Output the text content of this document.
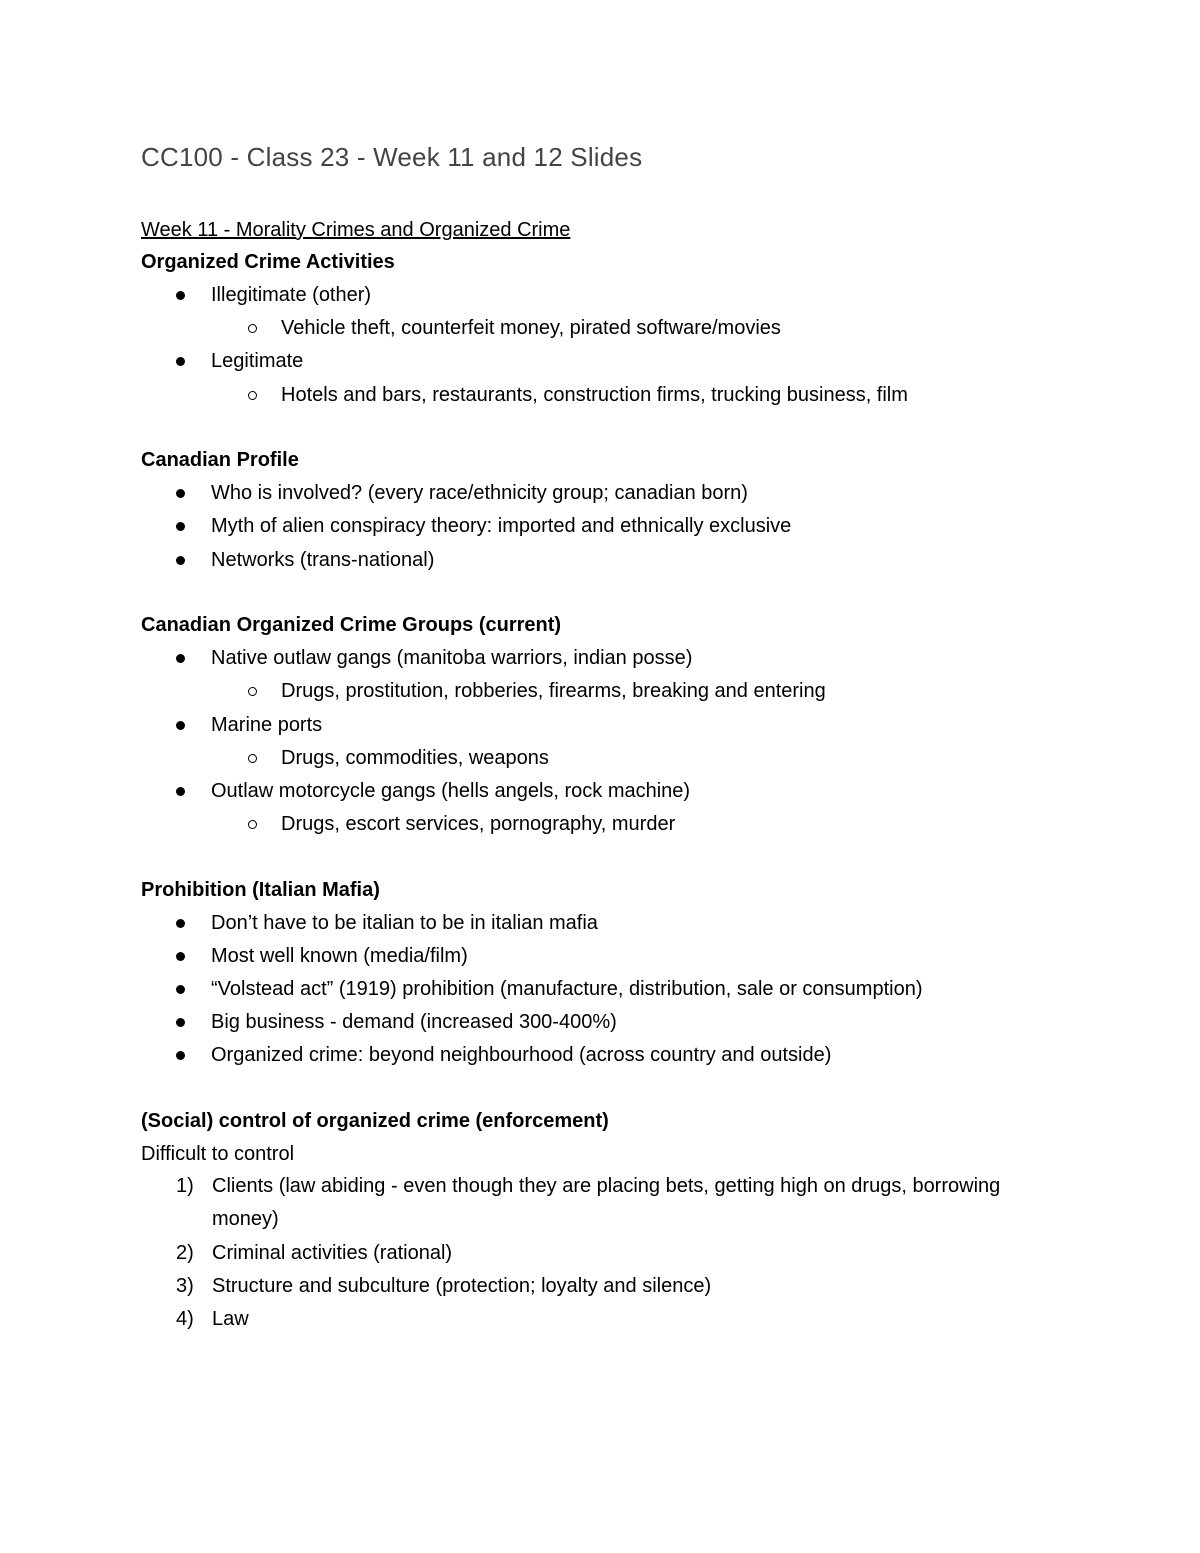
CC100 - Class 23 - Week 11 and 12 Slides
Week 11 - Morality Crimes and Organized Crime
Organized Crime Activities
Illegitimate (other)
Vehicle theft, counterfeit money, pirated software/movies
Legitimate
Hotels and bars, restaurants, construction firms, trucking business, film
Canadian Profile
Who is involved? (every race/ethnicity group; canadian born)
Myth of alien conspiracy theory: imported and ethnically exclusive
Networks (trans-national)
Canadian Organized Crime Groups (current)
Native outlaw gangs (manitoba warriors, indian posse)
Drugs, prostitution, robberies, firearms, breaking and entering
Marine ports
Drugs, commodities, weapons
Outlaw motorcycle gangs (hells angels, rock machine)
Drugs, escort services, pornography, murder
Prohibition (Italian Mafia)
Don’t have to be italian to be in italian mafia
Most well known (media/film)
“Volstead act” (1919) prohibition (manufacture, distribution, sale or consumption)
Big business - demand (increased 300-400%)
Organized crime: beyond neighbourhood (across country and outside)
(Social) control of organized crime (enforcement)
Difficult to control
1) Clients (law abiding - even though they are placing bets, getting high on drugs, borrowing money)
2) Criminal activities (rational)
3) Structure and subculture (protection; loyalty and silence)
4) Law
